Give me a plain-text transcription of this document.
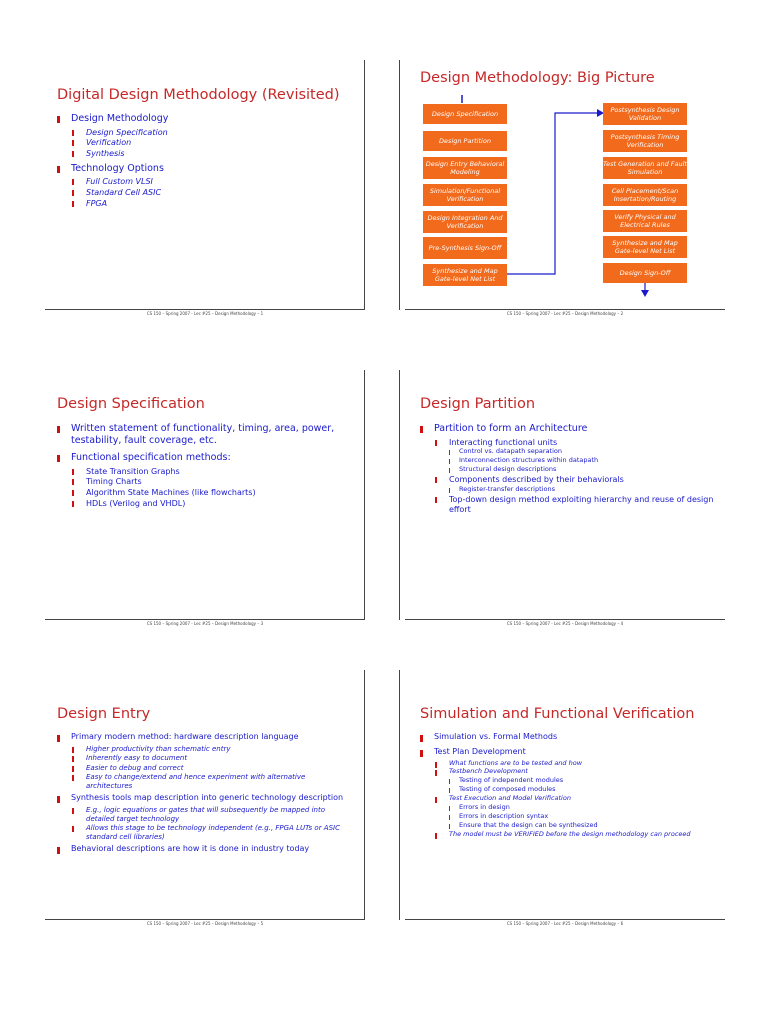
Digital Design Methodology (Revisited)
Design Methodology
Design Specification
Verification
Synthesis
Technology Options
Full Custom VLSI
Standard Cell ASIC
FPGA
CS 150 – Spring 2007 - Lec #25 – Design Methodology – 1
Design Methodology: Big Picture
Design Specification
Design Partition
Design Entry Behavioral Modeling
Simulation/Functional Verification
Design Integration And Verification
Pre-Synthesis Sign-Off
Synthesize and Map Gate-level Net List
Postsynthesis Design Validation
Postsynthesis Timing Verification
Test Generation and Fault Simulation
Cell Placement/Scan Insertation/Routing
Verify Physical and Electrical Rules
Synthesize and Map Gate-level Net List
Design Sign-Off
CS 150 – Spring 2007 - Lec #25 – Design Methodology – 2
Design Specification
Written statement of functionality, timing, area, power, testability, fault coverage, etc.
Functional specification methods:
State Transition Graphs
Timing Charts
Algorithm State Machines (like flowcharts)
HDLs (Verilog and VHDL)
CS 150 – Spring 2007 - Lec #25 – Design Methodology – 3
Design Partition
Partition to form an Architecture
Interacting functional units
Control vs. datapath separation
Interconnection structures within datapath
Structural design descriptions
Components described by their behaviorals
Register-transfer descriptions
Top-down design method exploiting hierarchy and reuse of design effort
CS 150 – Spring 2007 - Lec #25 – Design Methodology – 4
Design Entry
Primary modern method: hardware description language
Higher productivity than schematic entry
Inherently easy to document
Easier to debug and correct
Easy to change/extend and hence experiment with alternative architectures
Synthesis tools map description into generic technology description
E.g., logic equations or gates that will subsequently be mapped into detailed target technology
Allows this stage to be technology independent (e.g., FPGA LUTs or ASIC standard cell libraries)
Behavioral descriptions are how it is done in industry today
CS 150 – Spring 2007 - Lec #25 – Design Methodology – 5
Simulation and Functional Verification
Simulation vs. Formal Methods
Test Plan Development
What functions are to be tested and how
Testbench Development
Testing of independent modules
Testing of composed modules
Test Execution and Model Verification
Errors in design
Errors in description syntax
Ensure that the design can be synthesized
The model must be VERIFIED before the design methodology can proceed
CS 150 – Spring 2007 - Lec #25 – Design Methodology – 6
